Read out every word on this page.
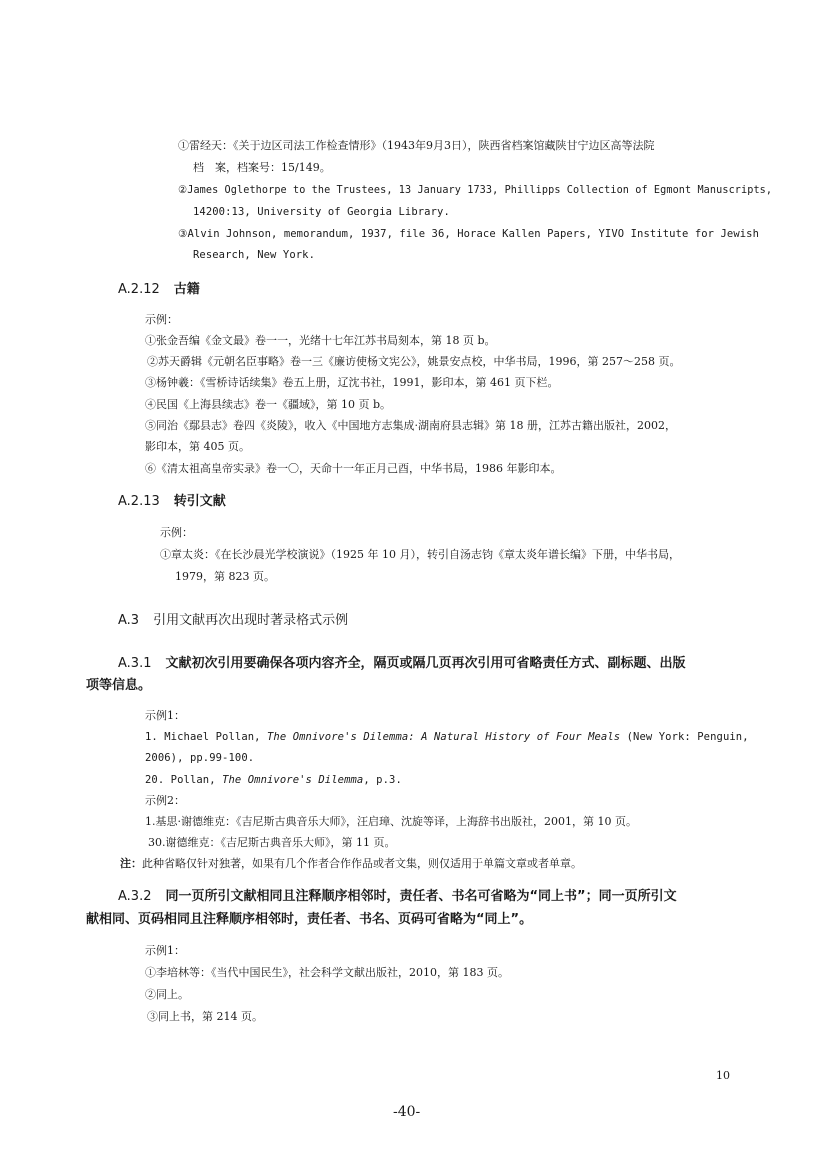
①雷经天：《关于边区司法工作检查情形》（1943年9月3日），陕西省档案馆藏陕甘宁边区高等法院
档　案，档案号：15/149。
②James Oglethorpe to the Trustees, 13 January 1733, Phillipps Collection of Egmont Manuscripts,
14200:13, University of Georgia Library.
③Alvin Johnson, memorandum, 1937, file 36, Horace Kallen Papers, YIVO Institute for Jewish
Research, New York.
A.2.12 古籍
示例：
①张金吾编《金文最》卷一一，光绪十七年江苏书局刻本，第 18 页 b。
②苏天爵辑《元朝名臣事略》卷一三《廉访使杨文宪公》，姚景安点校，中华书局，1996，第 257～258 页。
③杨钟羲：《雪桥诗话续集》卷五上册，辽沈书社，1991，影印本，第 461 页下栏。
④民国《上海县续志》卷一《疆域》，第 10 页 b。
⑤同治《鄢县志》卷四《炎陵》，收入《中国地方志集成·湖南府县志辑》第 18 册，江苏古籍出版社，2002，
影印本，第 405 页。
⑥《清太祖高皇帝实录》卷一〇，天命十一年正月己酉，中华书局，1986 年影印本。
A.2.13 转引文献
示例：
①章太炎：《在长沙晨光学校演说》（1925 年 10 月），转引自汤志钧《章太炎年谱长编》下册，中华书局，
1979，第 823 页。
A.3 引用文献再次出现时著录格式示例
A.3.1 文献初次引用要确保各项内容齐全，隔页或隔几页再次引用可省略责任方式、副标题、出版
项等信息。
示例1：
1. Michael Pollan, The Omnivore's Dilemma: A Natural History of Four Meals (New York: Penguin,
2006), pp.99-100.
20. Pollan, The Omnivore's Dilemma, p.3.
示例2：
1.基思·谢德维克：《吉尼斯古典音乐大师》，汪启璋、沈旋等译，上海辞书出版社，2001，第 10 页。
30.谢德维克：《吉尼斯古典音乐大师》，第 11 页。
注：此种省略仅针对独著，如果有几个作者合作作品或者文集，则仅适用于单篇文章或者单章。
A.3.2 同一页所引文献相同且注释顺序相邻时，责任者、书名可省略为“同上书”；同一页所引文
献相同、页码相同且注释顺序相邻时，责任者、书名、页码可省略为“同上”。
示例1：
①李培林等：《当代中国民生》，社会科学文献出版社，2010，第 183 页。
②同上。
③同上书，第 214 页。
10
-40-
